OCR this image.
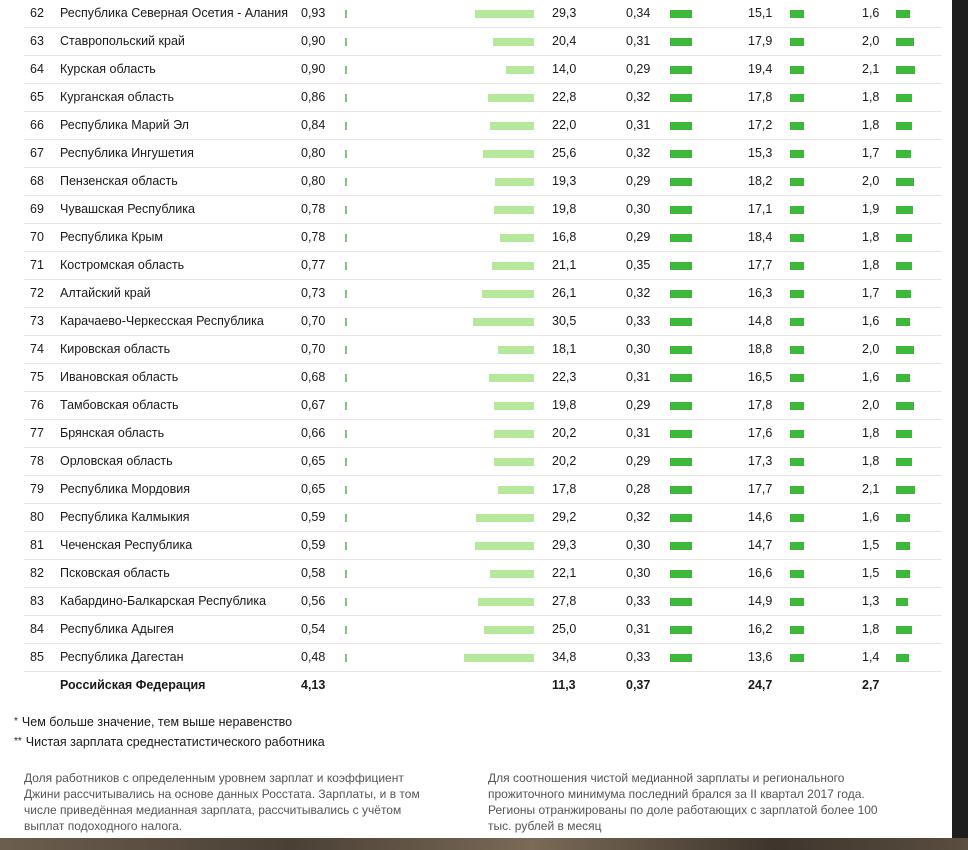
62 Республика Северная Осетия - Алания 0,93	29,3	0,34	15,1	1,6
63 Ставропольский край	0,90	20,4	0,31	17,9	2,0
64 Курская область	0,90	14,0	0,29	19,4	2,1
65 Курганская область	0,86	22,8	0,32	17,8	1,8
66 Республика Марий Эл	0,84	22,0	0,31	17,2	1,8
67 Республика Ингушетия	0,80	25,6	0,32	15,3	1,7
68 Пензенская область	0,80	19,3	0,29	18,2	2,0
69 Чувашская Республика	0,78	19,8	0,30	17,1	1,9
70 Республика Крым	0,78	16,8	0,29	18,4	1,8
71 Костромская область	0,77	21,1	0,35	17,7	1,8
72 Алтайский край	0,73	26,1	0,32	16,3	1,7
73 Карачаево-Черкесская Республика	0,70	30,5	0,33	14,8	1,6
74 Кировская область	0,70	18,1	0,30	18,8	2,0
75 Ивановская область	0,68	22,3	0,31	16,5	1,6
76 Тамбовская область	0,67	19,8	0,29	17,8	2,0
77 Брянская область	0,66	20,2	0,31	17,6	1,8
78 Орловская область	0,65	20,2	0,29	17,3	1,8
79 Республика Мордовия	0,65	17,8	0,28	17,7	2,1
80 Республика Калмыкия	0,59	29,2	0,32	14,6	1,6
81 Чеченская Республика	0,59	29,3	0,30	14,7	1,5
82 Псковская область	0,58	22,1	0,30	16,6	1,5
83 Кабардино-Балкарская Республика	0,56	27,8	0,33	14,9	1,3
84 Республика Адыгея	0,54	25,0	0,31	16,2	1,8
85 Республика Дагестан	0,48	34,8	0,33	13,6	1,4
Российская Федерация	4,13	11,3	0,37	24,7	2,7
* Чем больше значение, тем выше неравенство
** Чистая зарплата среднестатистического работника
Доля работников с определенным уровнем зарплат и коэффициент Джини рассчитывались на основе данных Росстата. Зарплаты, и в том числе приведённая медианная зарплата, рассчитывались с учётом выплат подоходного налога.
Для соотношения чистой медианной зарплаты и регионального прожиточного минимума последний брался за II квартал 2017 года. Регионы отранжированы по доле работающих с зарплатой более 100 тыс. рублей в месяц
